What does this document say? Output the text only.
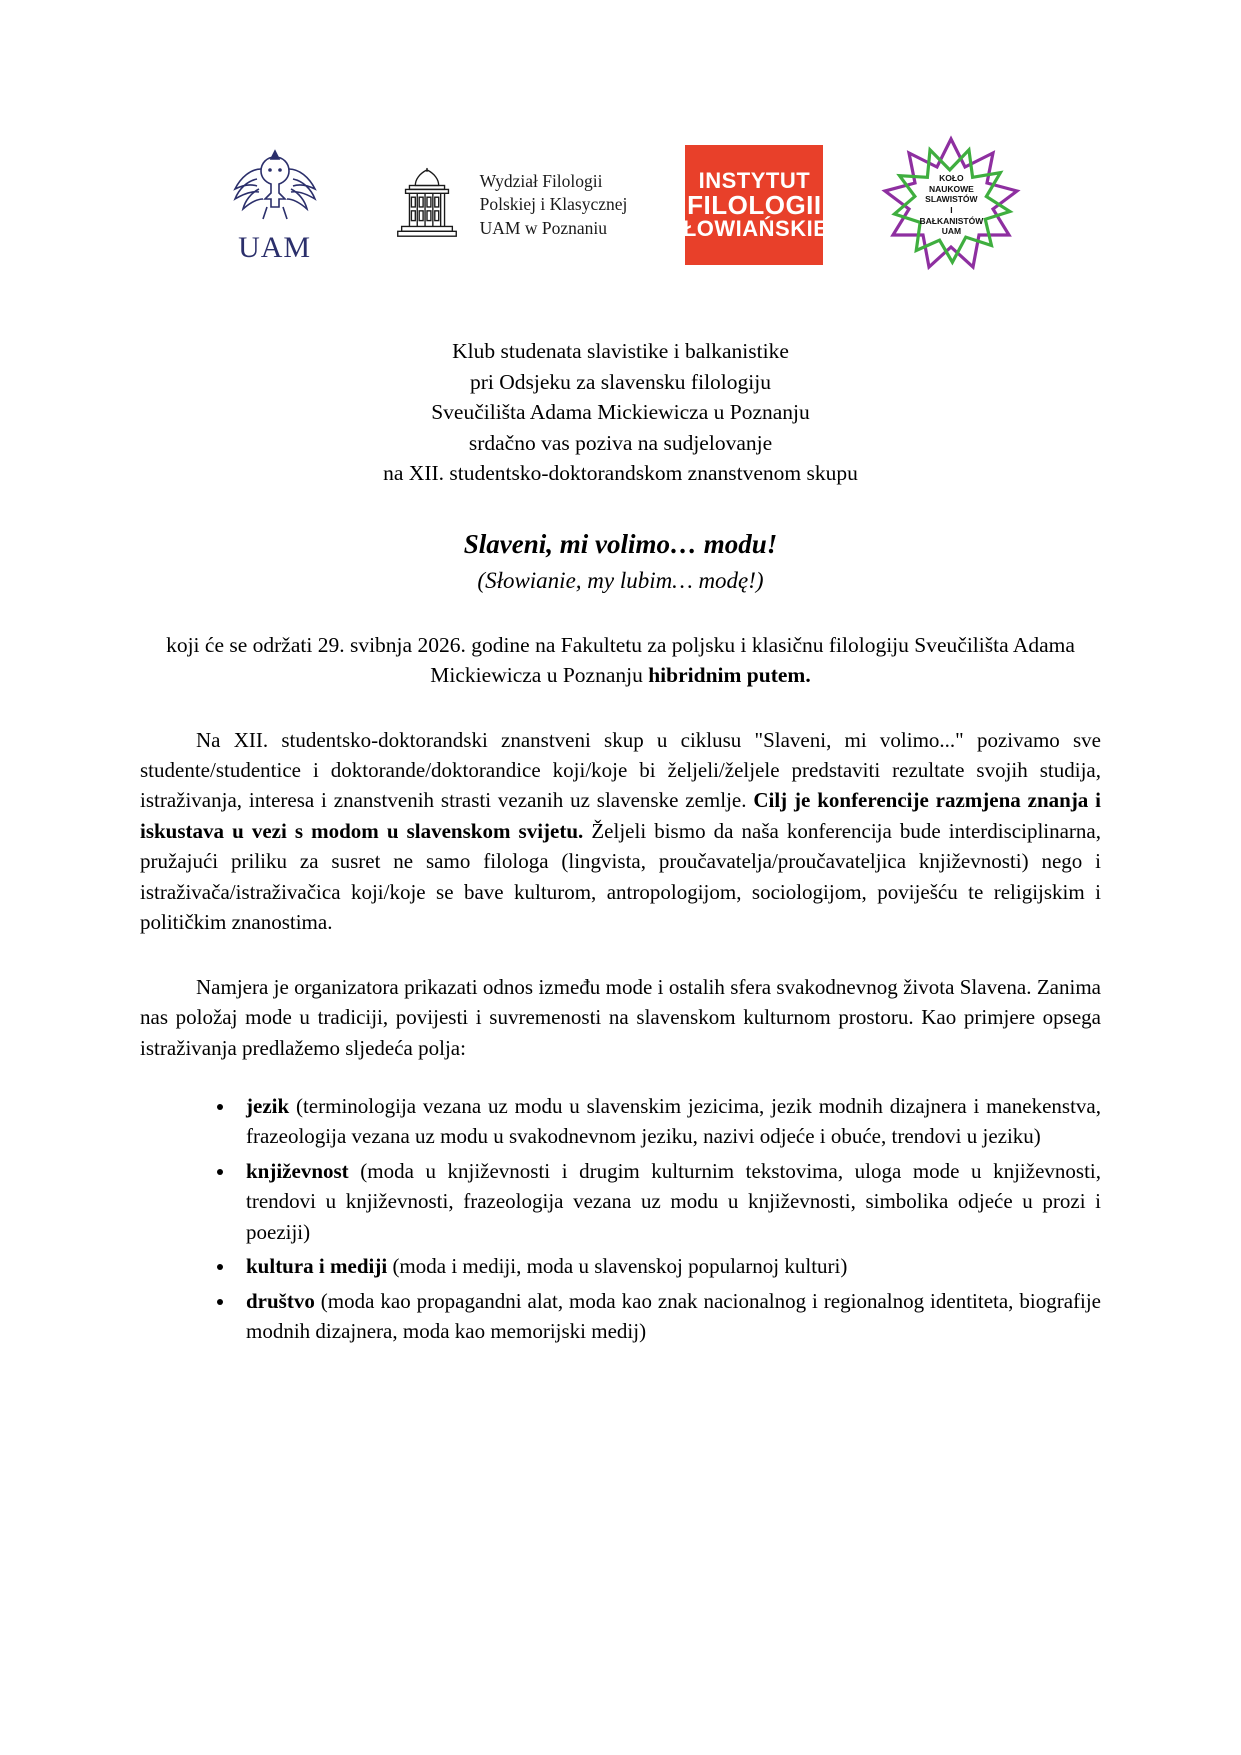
UAM
Wydział Filologii
Polskiej i Klasycznej
UAM w Poznaniu
INSTYTUT
FILOLOGII
SŁOWIAŃSKIEJ
KOŁO
NAUKOWE
SLAWISTÓW
I
BAŁKANISTÓW
UAM
Klub studenata slavistike i balkanistike
pri Odsjeku za slavensku filologiju
Sveučilišta Adama Mickiewicza u Poznanju
srdačno vas poziva na sudjelovanje
na XII. studentsko-doktorandskom znanstvenom skupu
Slaveni, mi volimo… modu!
(Słowianie, my lubim… modę!)
koji će se održati 29. svibnja 2026. godine na Fakultetu za poljsku i klasičnu filologiju Sveučilišta Adama Mickiewicza u Poznanju hibridnim putem.

Na XII. studentsko-doktorandski znanstveni skup u ciklusu "Slaveni, mi volimo..." pozivamo sve studente/studentice i doktorande/doktorandice koji/koje bi željeli/željele predstaviti rezultate svojih studija, istraživanja, interesa i znanstvenih strasti vezanih uz slavenske zemlje. Cilj je konferencije razmjena znanja i iskustava u vezi s modom u slavenskom svijetu. Željeli bismo da naša konferencija bude interdisciplinarna, pružajući priliku za susret ne samo filologa (lingvista, proučavatelja/proučavateljica književnosti) nego i istraživača/istraživačica koji/koje se bave kulturom, antropologijom, sociologijom, poviješću te religijskim i političkim znanostima.

Namjera je organizatora prikazati odnos između mode i ostalih sfera svakodnevnog života Slavena. Zanima nas položaj mode u tradiciji, povijesti i suvremenosti na slavenskom kulturnom prostoru. Kao primjere opsega istraživanja predlažemo sljedeća polja:

• jezik (terminologija vezana uz modu u slavenskim jezicima, jezik modnih dizajnera i manekenstva, frazeologija vezana uz modu u svakodnevnom jeziku, nazivi odjeće i obuće, trendovi u jeziku)
• književnost (moda u književnosti i drugim kulturnim tekstovima, uloga mode u književnosti, trendovi u književnosti, frazeologija vezana uz modu u književnosti, simbolika odjeće u prozi i poeziji)
• kultura i mediji (moda i mediji, moda u slavenskoj popularnoj kulturi)
• društvo (moda kao propagandni alat, moda kao znak nacionalnog i regionalnog identiteta, biografije modnih dizajnera, moda kao memorijski medij)
